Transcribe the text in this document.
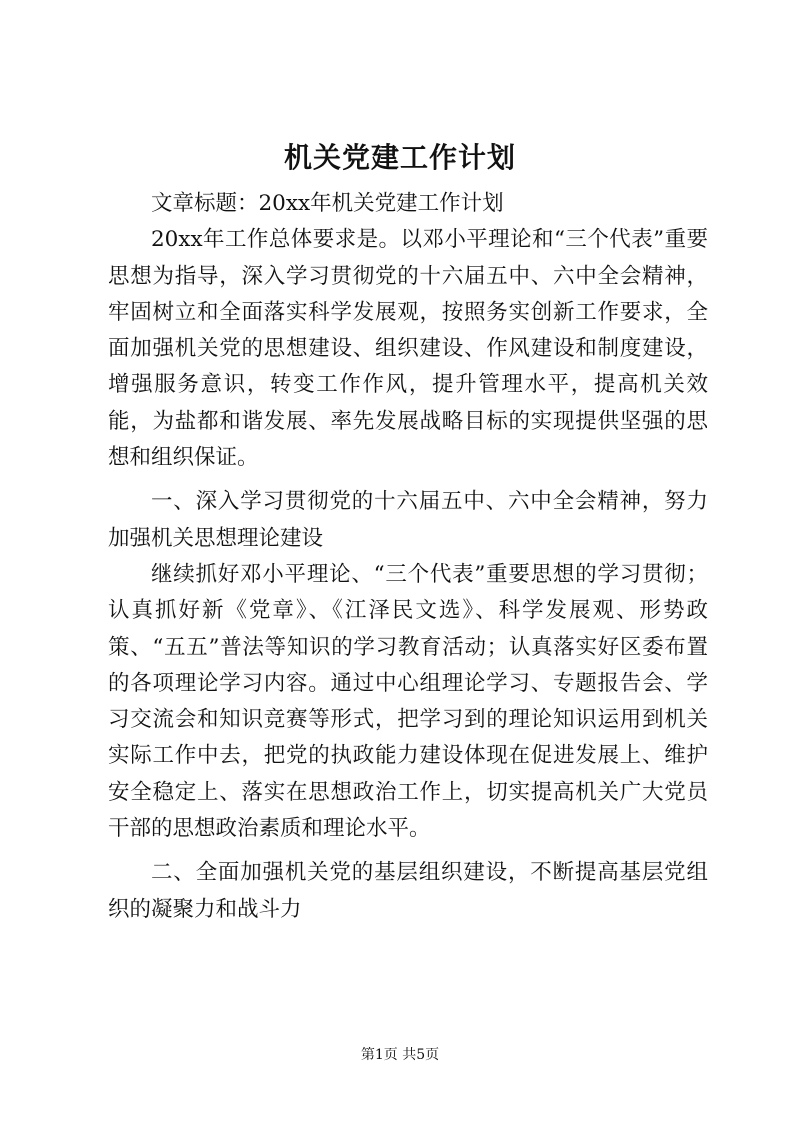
机关党建工作计划

文章标题：20xx年机关党建工作计划

20xx年工作总体要求是。以邓小平理论和“三个代表”重要思想为指导，深入学习贯彻党的十六届五中、六中全会精神，牢固树立和全面落实科学发展观，按照务实创新工作要求，全面加强机关党的思想建设、组织建设、作风建设和制度建设，增强服务意识，转变工作作风，提升管理水平，提高机关效能，为盐都和谐发展、率先发展战略目标的实现提供坚强的思想和组织保证。

一、深入学习贯彻党的十六届五中、六中全会精神，努力加强机关思想理论建设

继续抓好邓小平理论、“三个代表”重要思想的学习贯彻；认真抓好新《党章》、《江泽民文选》、科学发展观、形势政策、“五五”普法等知识的学习教育活动；认真落实好区委布置的各项理论学习内容。通过中心组理论学习、专题报告会、学习交流会和知识竞赛等形式，把学习到的理论知识运用到机关实际工作中去，把党的执政能力建设体现在促进发展上、维护安全稳定上、落实在思想政治工作上，切实提高机关广大党员干部的思想政治素质和理论水平。

二、全面加强机关党的基层组织建设，不断提高基层党组织的凝聚力和战斗力

第1页 共5页
